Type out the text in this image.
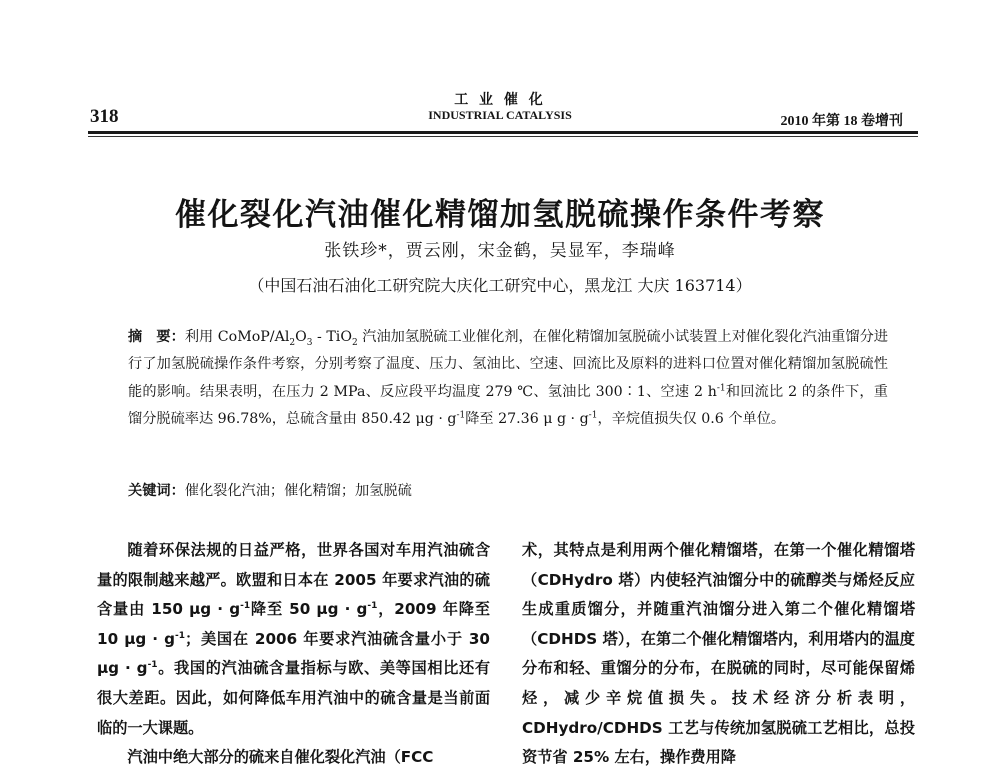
318
工 业 催 化
INDUSTRIAL CATALYSIS	2010 年第 18 卷增刊
催化裂化汽油催化精馏加氢脱硫操作条件考察
张铁珍*，贾云刚，宋金鹤，吴显军，李瑞峰
（中国石油石油化工研究院大庆化工研究中心，黑龙江 大庆 163714）
摘　要：利用 CoMoP/$Al_2O_3 - TiO_2$ 汽油加氢脱硫工业催化剂，在催化精馏加氢脱硫小试装置上对催化裂化汽油重馏分进行了加氢脱硫操作条件考察，分别考察了温度、压力、氢油比、空速、回流比及原料的进料口位置对催化精馏加氢脱硫性能的影响。结果表明，在压力 2 MPa、反应段平均温度 279 ℃、氢油比 300∶1、空速 2 $h^{-1}$和回流比 2 的条件下，重馏分脱硫率达 96.78%，总硫含量由 850.42 $\mu g \cdot g^{-1}$降至 27.36 μ $g \cdot g^{-1}$，辛烷值损失仅 0.6 个单位。
关键词：催化裂化汽油；催化精馏；加氢脱硫

随着环保法规的日益严格，世界各国对车用汽油硫含量的限制越来越严。欧盟和日本在 2005 年要求汽油的硫含量由 150 $\mu g \cdot g^{-1}$降至 50 $\mu g \cdot g^{-1}$，2009 年降至 10 $\mu g \cdot g^{-1}$；美国在 2006 年要求汽油硫含量小于 30 $\mu g \cdot g^{-1}$。我国的汽油硫含量指标与欧、美等国相比还有很大差距。因此，如何降低车用汽油中的硫含量是当前面临的一大课题。

汽油中绝大部分的硫来自催化裂化汽油（FCC

术，其特点是利用两个催化精馏塔，在第一个催化精馏塔（CDHydro 塔）内使轻汽油馏分中的硫醇类与烯烃反应生成重质馏分，并随重汽油馏分进入第二个催化精馏塔（CDHDS 塔），在第二个催化精馏塔内，利用塔内的温度分布和轻、重馏分的分布，在脱硫的同时，尽可能保留烯烃，减少辛烷值损失。技术经济分析表明，CDHydro/CDHDS 工艺与传统加氢脱硫工艺相比，总投资节省 25% 左右，操作费用降
